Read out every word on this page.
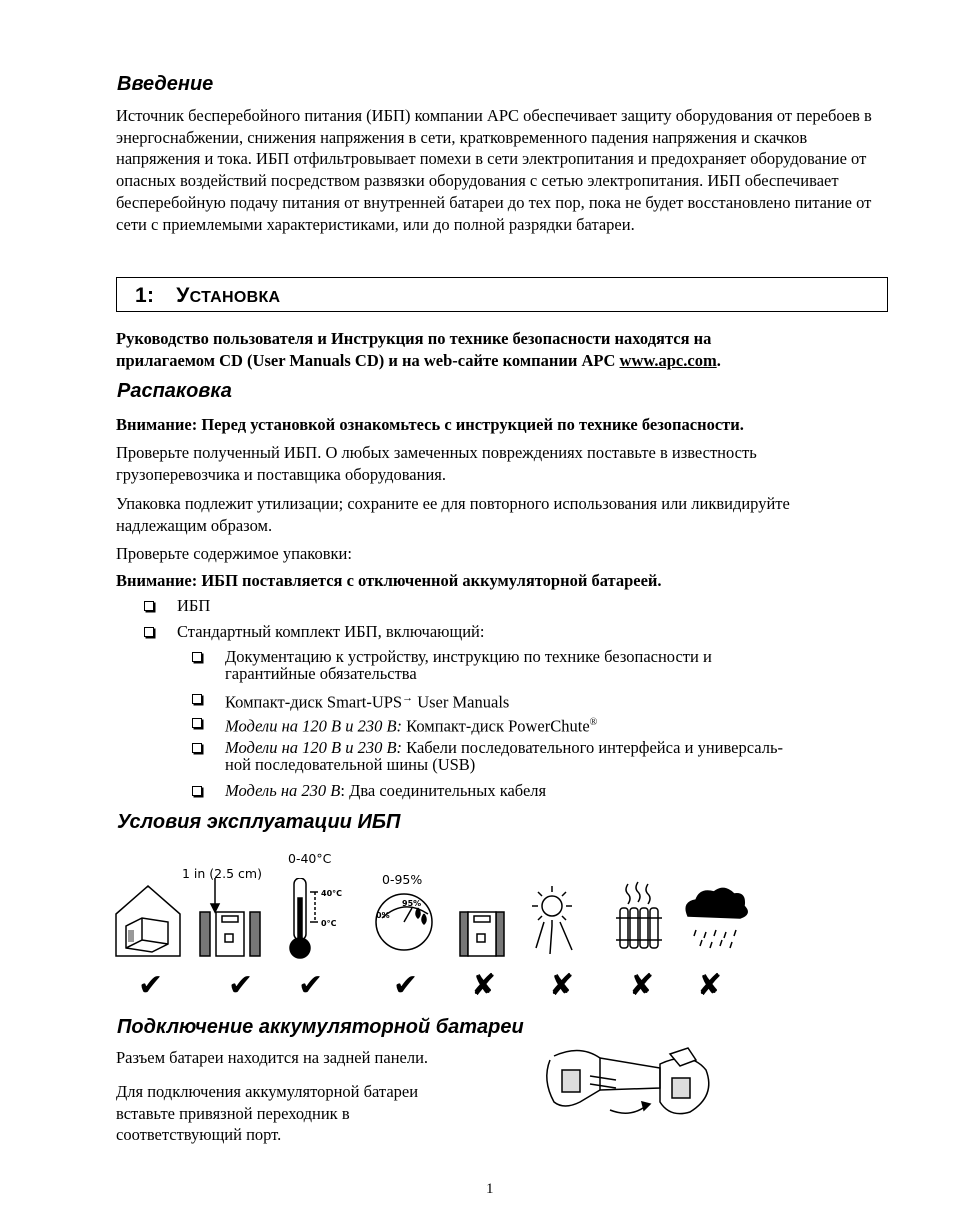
Введение

Источник бесперебойного питания (ИБП) компании APC обеспечивает защиту оборудования от перебоев в энергоснабжении, снижения напряжения в сети, кратковременного падения напряжения и скачков напряжения и тока. ИБП отфильтровывает помехи в сети электропитания и предохраняет оборудование от опасных воздействий посредством развязки оборудования с сетью электропитания. ИБП обеспечивает бесперебойную подачу питания от внутренней батареи до тех пор, пока не будет восстановлено питание от сети с приемлемыми характеристиками, или до полной разрядки батареи.

1: УСТАНОВКА

Руководство пользователя и Инструкция по технике безопасности находятся на
прилагаемом CD (User Manuals CD) и на web-сайте компании APC www.apc.com.

Распаковка

Внимание: Перед установкой ознакомьтесь с инструкцией по технике безопасности.

Проверьте полученный ИБП. О любых замеченных повреждениях поставьте в известность грузоперевозчика и поставщика оборудования.

Упаковка подлежит утилизации; сохраните ее для повторного использования или ликвидируйте надлежащим образом.

Проверьте содержимое упаковки:

Внимание: ИБП поставляется с отключенной аккумуляторной батареей.

ИБП
Стандартный комплект ИБП, включающий:
Документацию к устройству, инструкцию по технике безопасности и
гарантийные обязательства
Компакт-диск Smart-UPS→ User Manuals
Модели на 120 В и 230 В: Компакт-диск PowerChute®
Модели на 120 В и 230 В: Кабели последовательного интерфейса и универсаль-
ной последовательной шины (USB)
Модель на 230 В: Два соединительных кабеля
Условия эксплуатации ИБП
1 in (2.5 cm)
0-40°C
0-95%
40°C
0°C
95%
0%
✔ ✔ ✔ ✔ ✘ ✘ ✘ ✘
Подключение аккумуляторной батареи

Разъем батареи находится на задней панели.

Для подключения аккумуляторной батареи
вставьте привязной переходник в
соответствующий порт.

1
